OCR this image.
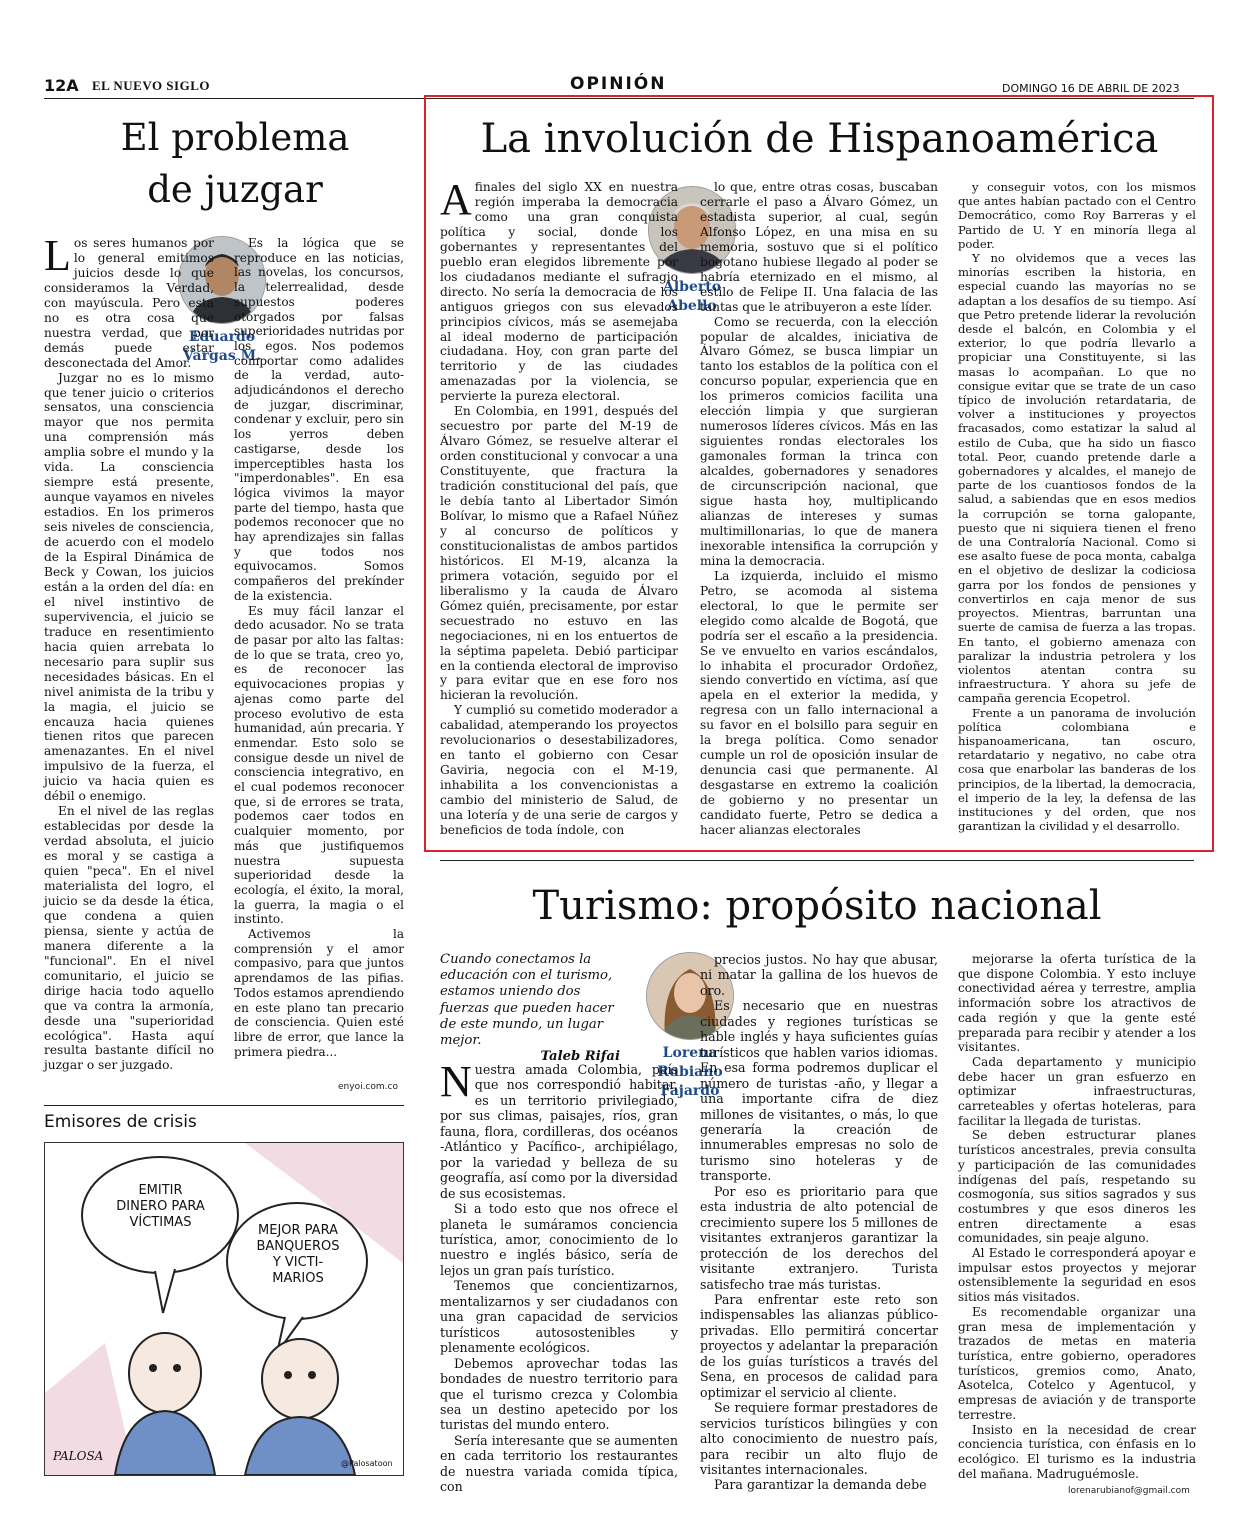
12A EL NUEVO SIGLO	OPINIÓN	DOMINGO 16 DE ABRIL DE 2023
El problema
de juzgar
Eduardo Vargas M.

Los seres humanos por lo general emitimos juicios desde lo que consideramos la Verdad, con mayúscula. Pero esta no es otra cosa que nuestra verdad, que por demás puede estar desconectada del Amor.

Juzgar no es lo mismo que tener juicio o criterios sensatos, una consciencia mayor que nos permita una comprensión más amplia sobre el mundo y la vida. La consciencia siempre está presente, aunque vayamos en niveles estadios. En los primeros seis niveles de consciencia, de acuerdo con el modelo de la Espiral Dinámica de Beck y Cowan, los juicios están a la orden del día: en el nivel instintivo de supervivencia, el juicio se traduce en resentimiento hacia quien arrebata lo necesario para suplir sus necesidades básicas. En el nivel animista de la tribu y la magia, el juicio se encauza hacia quienes tienen ritos que parecen amenazantes. En el nivel impulsivo de la fuerza, el juicio va hacia quien es débil o enemigo.

En el nivel de las reglas establecidas por desde la verdad absoluta, el juicio es moral y se castiga a quien "peca". En el nivel materialista del logro, el juicio se da desde la ética, que condena a quien piensa, siente y actúa de manera diferente a la "funcional". En el nivel comunitario, el juicio se dirige hacia todo aquello que va contra la armonía, desde una "superioridad ecológica". Hasta aquí resulta bastante difícil no juzgar o ser juzgado.

Es la lógica que se reproduce en las noticias, las novelas, los concursos, la telerrealidad, desde supuestos poderes otorgados por falsas superioridades nutridas por los egos. Nos podemos comportar como adalides de la verdad, auto-adjudicándonos el derecho de juzgar, discriminar, condenar y excluir, pero sin los yerros deben castigarse, desde los imperceptibles hasta los "imperdonables". En esa lógica vivimos la mayor parte del tiempo, hasta que podemos reconocer que no hay aprendizajes sin fallas y que todos nos equivocamos. Somos compañeros del prekínder de la existencia.

Es muy fácil lanzar el dedo acusador. No se trata de pasar por alto las faltas: de lo que se trata, creo yo, es de reconocer las equivocaciones propias y ajenas como parte del proceso evolutivo de esta humanidad, aún precaria. Y enmendar. Esto solo se consigue desde un nivel de consciencia integrativo, en el cual podemos reconocer que, si de errores se trata, podemos caer todos en cualquier momento, por más que justifiquemos nuestra supuesta superioridad desde la ecología, el éxito, la moral, la guerra, la magia o el instinto.

Activemos la comprensión y el amor compasivo, para que juntos aprendamos de las pifias. Todos estamos aprendiendo en este plano tan precario de consciencia. Quien esté libre de error, que lance la primera piedra...

enyoi.com.co
Emisores de crisis
EMITIR DINERO PARA VÍCTIMAS
MEJOR PARA BANQUEROS Y VICTI-MARIOS
PALOSA
@Palosatoon
La involución de Hispanoamérica
Alberto Abello

A finales del siglo XX en nuestra región imperaba la democracia como una gran conquista política y social, donde los gobernantes y representantes del pueblo eran elegidos libremente por los ciudadanos mediante el sufragio directo. No sería la democracia de los antiguos griegos con sus elevados principios cívicos, más se asemejaba al ideal moderno de participación ciudadana. Hoy, con gran parte del territorio y de las ciudades amenazadas por la violencia, se pervierte la pureza electoral.

En Colombia, en 1991, después del secuestro por parte del M-19 de Álvaro Gómez, se resuelve alterar el orden constitucional y convocar a una Constituyente, que fractura la tradición constitucional del país, que le debía tanto al Libertador Simón Bolívar, lo mismo que a Rafael Núñez y al concurso de políticos y constitucionalistas de ambos partidos históricos. El M-19, alcanza la primera votación, seguido por el liberalismo y la cauda de Álvaro Gómez quién, precisamente, por estar secuestrado no estuvo en las negociaciones, ni en los entuertos de la séptima papeleta. Debió participar en la contienda electoral de improviso y para evitar que en ese foro nos hicieran la revolución.

Y cumplió su cometido moderador a cabalidad, atemperando los proyectos revolucionarios o desestabilizadores, en tanto el gobierno con Cesar Gaviria, negocia con el M-19, inhabilita a los convencionistas a cambio del ministerio de Salud, de una lotería y de una serie de cargos y beneficios de toda índole, con

lo que, entre otras cosas, buscaban cerrarle el paso a Álvaro Gómez, un estadista superior, al cual, según Alfonso López, en una misa en su memoria, sostuvo que si el político bogotano hubiese llegado al poder se habría eternizado en el mismo, al estilo de Felipe II. Una falacia de las tantas que le atribuyeron a este líder.

Como se recuerda, con la elección popular de alcaldes, iniciativa de Álvaro Gómez, se busca limpiar un tanto los establos de la política con el concurso popular, experiencia que en los primeros comicios facilita una elección limpia y que surgieran numerosos líderes cívicos. Más en las siguientes rondas electorales los gamonales forman la trinca con alcaldes, gobernadores y senadores de circunscripción nacional, que sigue hasta hoy, multiplicando alianzas de intereses y sumas multimillonarias, lo que de manera inexorable intensifica la corrupción y mina la democracia.

La izquierda, incluido el mismo Petro, se acomoda al sistema electoral, lo que le permite ser elegido como alcalde de Bogotá, que podría ser el escaño a la presidencia. Se ve envuelto en varios escándalos, lo inhabita el procurador Ordoñez, siendo convertido en víctima, así que apela en el exterior la medida, y regresa con un fallo internacional a su favor en el bolsillo para seguir en la brega política. Como senador cumple un rol de oposición insular de denuncia casi que permanente. Al desgastarse en extremo la coalición de gobierno y no presentar un candidato fuerte, Petro se dedica a hacer alianzas electorales

y conseguir votos, con los mismos que antes habían pactado con el Centro Democrático, como Roy Barreras y el Partido de U. Y en minoría llega al poder.

Y no olvidemos que a veces las minorías escriben la historia, en especial cuando las mayorías no se adaptan a los desafíos de su tiempo. Así que Petro pretende liderar la revolución desde el balcón, en Colombia y el exterior, lo que podría llevarlo a propiciar una Constituyente, si las masas lo acompañan. Lo que no consigue evitar que se trate de un caso típico de involución retardataria, de volver a instituciones y proyectos fracasados, como estatizar la salud al estilo de Cuba, que ha sido un fiasco total. Peor, cuando pretende darle a gobernadores y alcaldes, el manejo de parte de los cuantiosos fondos de la salud, a sabiendas que en esos medios la corrupción se torna galopante, puesto que ni siquiera tienen el freno de una Contraloría Nacional. Como si ese asalto fuese de poca monta, cabalga en el objetivo de deslizar la codiciosa garra por los fondos de pensiones y convertirlos en caja menor de sus proyectos. Mientras, barruntan una suerte de camisa de fuerza a las tropas. En tanto, el gobierno amenaza con paralizar la industria petrolera y los violentos atentan contra su infraestructura. Y ahora su jefe de campaña gerencia Ecopetrol.

Frente a un panorama de involución política colombiana e hispanoamericana, tan oscuro, retardatario y negativo, no cabe otra cosa que enarbolar las banderas de los principios, de la libertad, la democracia, el imperio de la ley, la defensa de las instituciones y del orden, que nos garantizan la civilidad y el desarrollo.

Turismo: propósito nacional
Lorena Rubiano Fajardo
Cuando conectamos la educación con el turismo, estamos uniendo dos fuerzas que pueden hacer de este mundo, un lugar mejor.
Taleb Rifai

Nuestra amada Colombia, país que nos correspondió habitar, es un territorio privilegiado, por sus climas, paisajes, ríos, gran fauna, flora, cordilleras, dos océanos -Atlántico y Pacífico-, archipiélago, por la variedad y belleza de su geografía, así como por la diversidad de sus ecosistemas.

Si a todo esto que nos ofrece el planeta le sumáramos conciencia turística, amor, conocimiento de lo nuestro e inglés básico, sería de lejos un gran país turístico.

Tenemos que concientizarnos, mentalizarnos y ser ciudadanos con una gran capacidad de servicios turísticos autosostenibles y plenamente ecológicos.

Debemos aprovechar todas las bondades de nuestro territorio para que el turismo crezca y Colombia sea un destino apetecido por los turistas del mundo entero.

Sería interesante que se aumenten en cada territorio los restaurantes de nuestra variada comida típica, con

precios justos. No hay que abusar, ni matar la gallina de los huevos de oro.

Es necesario que en nuestras ciudades y regiones turísticas se hable inglés y haya suficientes guías turísticos que hablen varios idiomas. En esa forma podremos duplicar el número de turistas -año, y llegar a una importante cifra de diez millones de visitantes, o más, lo que generaría la creación de innumerables empresas no solo de turismo sino hoteleras y de transporte.

Por eso es prioritario para que esta industria de alto potencial de crecimiento supere los 5 millones de visitantes extranjeros garantizar la protección de los derechos del visitante extranjero. Turista satisfecho trae más turistas.

Para enfrentar este reto son indispensables las alianzas público-privadas. Ello permitirá concertar proyectos y adelantar la preparación de los guías turísticos a través del Sena, en procesos de calidad para optimizar el servicio al cliente.

Se requiere formar prestadores de servicios turísticos bilingües y con alto conocimiento de nuestro país, para recibir un alto flujo de visitantes internacionales.

Para garantizar la demanda debe

mejorarse la oferta turística de la que dispone Colombia. Y esto incluye conectividad aérea y terrestre, amplia información sobre los atractivos de cada región y que la gente esté preparada para recibir y atender a los visitantes.

Cada departamento y municipio debe hacer un gran esfuerzo en optimizar infraestructuras, carreteables y ofertas hoteleras, para facilitar la llegada de turistas.

Se deben estructurar planes turísticos ancestrales, previa consulta y participación de las comunidades indígenas del país, respetando su cosmogonía, sus sitios sagrados y sus costumbres y que esos dineros les entren directamente a esas comunidades, sin peaje alguno.

Al Estado le corresponderá apoyar e impulsar estos proyectos y mejorar ostensiblemente la seguridad en esos sitios más visitados.

Es recomendable organizar una gran mesa de implementación y trazados de metas en materia turística, entre gobierno, operadores turísticos, gremios como, Anato, Asotelca, Cotelco y Agentucol, y empresas de aviación y de transporte terrestre.

Insisto en la necesidad de crear conciencia turística, con énfasis en lo ecológico. El turismo es la industria del mañana. Madruguémosle.

lorenarubianof@gmail.com
